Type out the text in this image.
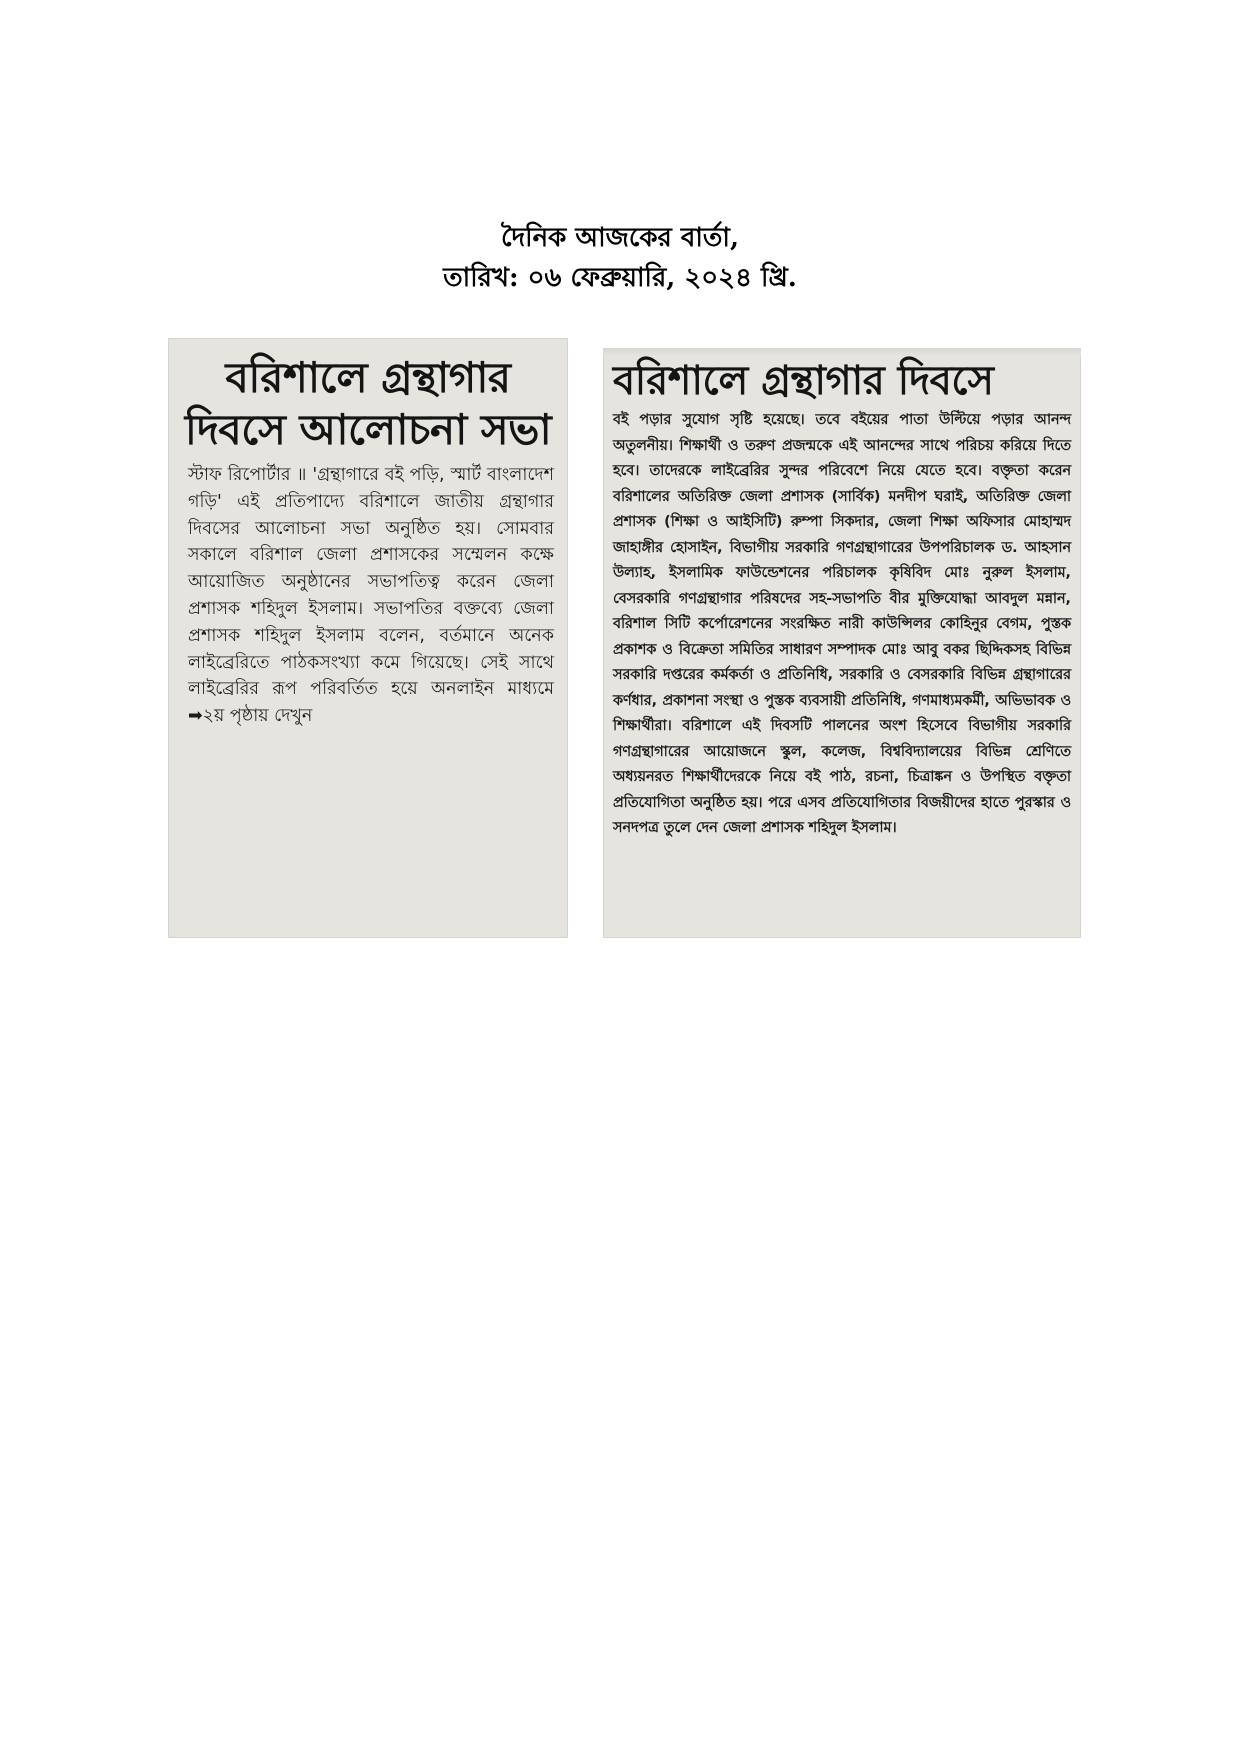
দৈনিক আজকের বার্তা,
তারিখ: ০৬ ফেব্রুয়ারি, ২০২৪ খ্রি.
বরিশালে গ্রন্থাগার দিবসে আলোচনা সভা
স্টাফ রিপোর্টার ॥ 'গ্রন্থাগারে বই পড়ি, স্মার্ট বাংলাদেশ গড়ি' এই প্রতিপাদ্যে বরিশালে জাতীয় গ্রন্থাগার দিবসের আলোচনা সভা অনুষ্ঠিত হয়। সোমবার সকালে বরিশাল জেলা প্রশাসকের সম্মেলন কক্ষে আয়োজিত অনুষ্ঠানের সভাপতিত্ব করেন জেলা প্রশাসক শহিদুল ইসলাম। সভাপতির বক্তব্যে জেলা প্রশাসক শহিদুল ইসলাম বলেন, বর্তমানে অনেক লাইব্রেরিতে পাঠকসংখ্যা কমে গিয়েছে। সেই সাথে লাইব্রেরির রূপ পরিবর্তিত হয়ে অনলাইন মাধ্যমে ➡২য় পৃষ্ঠায় দেখুন
বরিশালে গ্রন্থাগার দিবসে
বই পড়ার সুযোগ সৃষ্টি হয়েছে। তবে বইয়ের পাতা উল্টিয়ে পড়ার আনন্দ অতুলনীয়। শিক্ষার্থী ও তরুণ প্রজন্মকে এই আনন্দের সাথে পরিচয় করিয়ে দিতে হবে। তাদেরকে লাইব্রেরির সুন্দর পরিবেশে নিয়ে যেতে হবে। বক্তৃতা করেন বরিশালের অতিরিক্ত জেলা প্রশাসক (সার্বিক) মনদীপ ঘরাই, অতিরিক্ত জেলা প্রশাসক (শিক্ষা ও আইসিটি) রুম্পা সিকদার, জেলা শিক্ষা অফিসার মোহাম্মদ জাহাঙ্গীর হোসাইন, বিভাগীয় সরকারি গণগ্রন্থাগারের উপপরিচালক ড. আহসান উল্যাহ, ইসলামিক ফাউন্ডেশনের পরিচালক কৃষিবিদ মোঃ নুরুল ইসলাম, বেসরকারি গণগ্রন্থাগার পরিষদের সহ-সভাপতি বীর মুক্তিযোদ্ধা আবদুল মন্নান, বরিশাল সিটি কর্পোরেশনের সংরক্ষিত নারী কাউন্সিলর কোহিনুর বেগম, পুস্তক প্রকাশক ও বিক্রেতা সমিতির সাধারণ সম্পাদক মোঃ আবু বকর ছিদ্দিকসহ বিভিন্ন সরকারি দপ্তরের কর্মকর্তা ও প্রতিনিধি, সরকারি ও বেসরকারি বিভিন্ন গ্রন্থাগারের কর্ণধার, প্রকাশনা সংস্থা ও পুস্তক ব্যবসায়ী প্রতিনিধি, গণমাধ্যমকর্মী, অভিভাবক ও শিক্ষার্থীরা। বরিশালে এই দিবসটি পালনের অংশ হিসেবে বিভাগীয় সরকারি গণগ্রন্থাগারের আয়োজনে স্কুল, কলেজ, বিশ্ববিদ্যালয়ের বিভিন্ন শ্রেণিতে অধ্যয়নরত শিক্ষার্থীদেরকে নিয়ে বই পাঠ, রচনা, চিত্রাঙ্কন ও উপস্থিত বক্তৃতা প্রতিযোগিতা অনুষ্ঠিত হয়। পরে এসব প্রতিযোগিতার বিজয়ীদের হাতে পুরস্কার ও সনদপত্র তুলে দেন জেলা প্রশাসক শহিদুল ইসলাম।
